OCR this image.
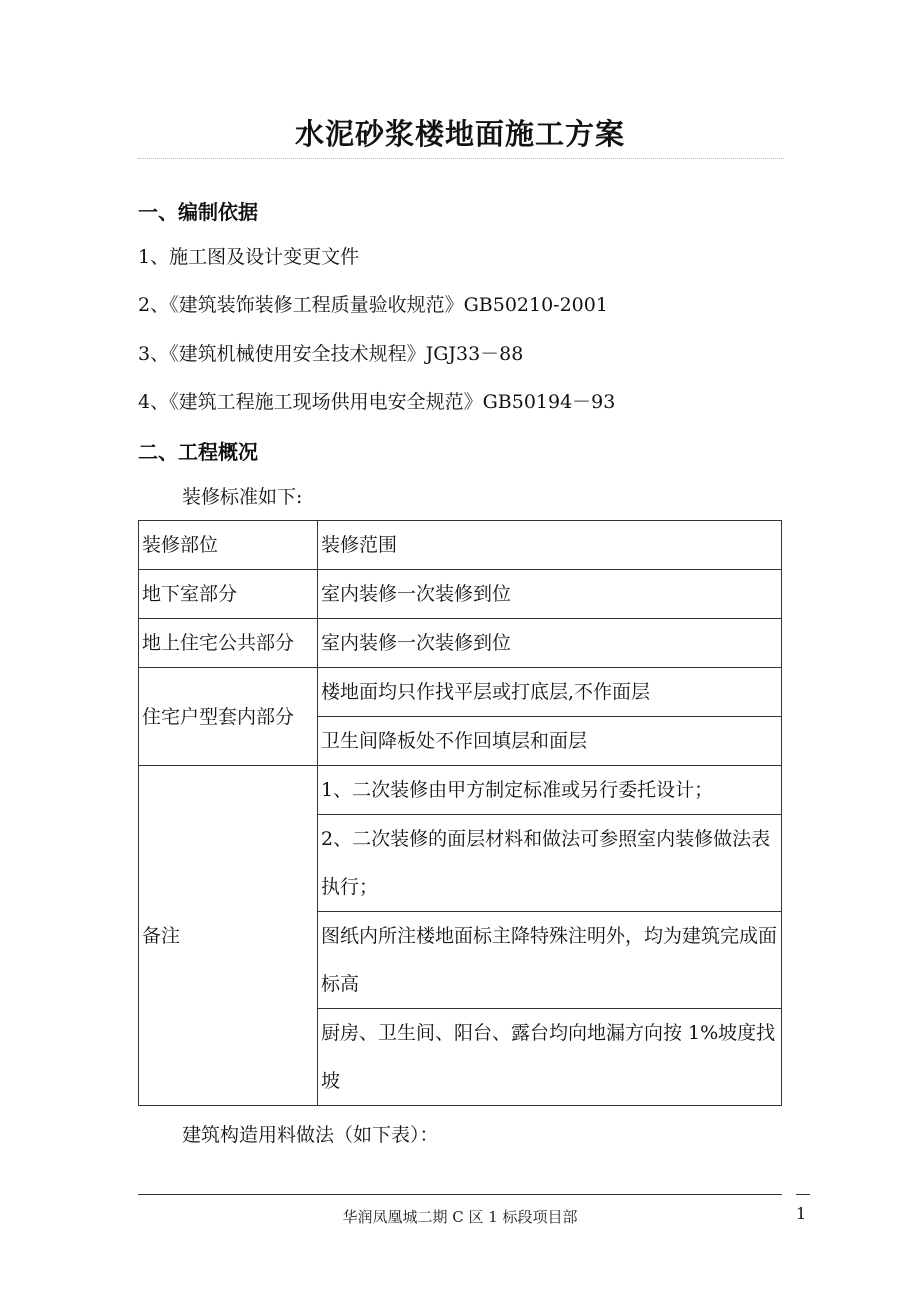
水泥砂浆楼地面施工方案
一、编制依据
1、施工图及设计变更文件
2、《建筑装饰装修工程质量验收规范》GB50210-2001
3、《建筑机械使用安全技术规程》JGJ33－88
4、《建筑工程施工现场供用电安全规范》GB50194－93
二、工程概况
装修标准如下:
装修部位	装修范围
地下室部分	室内装修一次装修到位
地上住宅公共部分	室内装修一次装修到位
住宅户型套内部分	楼地面均只作找平层或打底层,不作面层
	卫生间降板处不作回填层和面层
备注	1、二次装修由甲方制定标准或另行委托设计；
	2、二次装修的面层材料和做法可参照室内装修做法表执行；
	图纸内所注楼地面标主降特殊注明外，均为建筑完成面标高
	厨房、卫生间、阳台、露台均向地漏方向按 1%坡度找坡
建筑构造用料做法（如下表）：
华润凤凰城二期 C 区 1 标段项目部	1
